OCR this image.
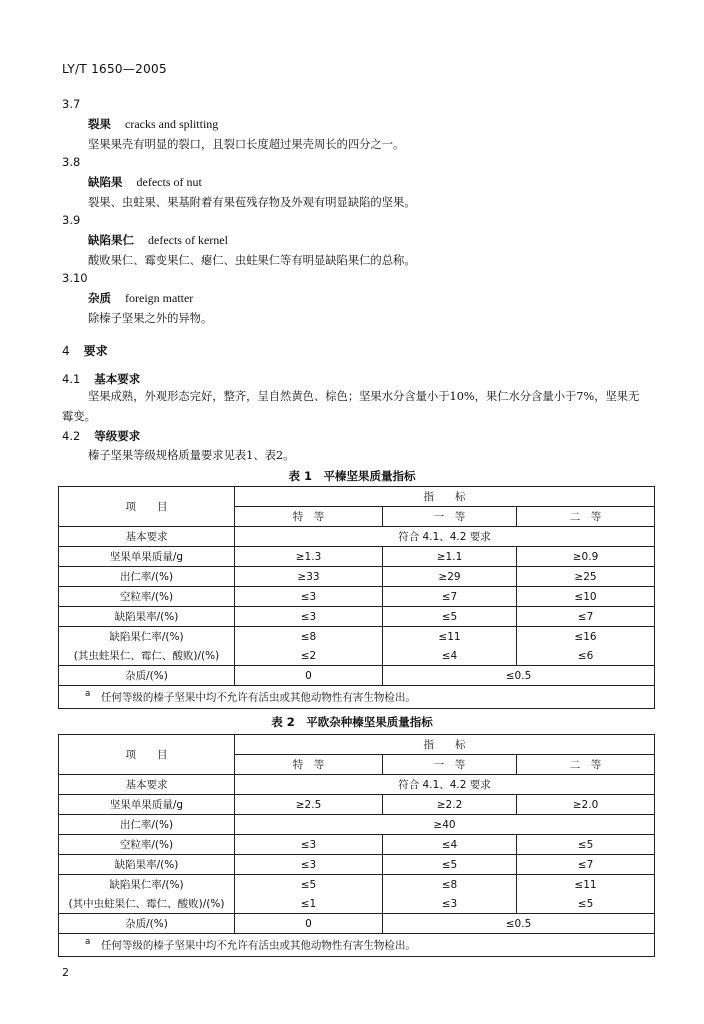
LY/T 1650—2005
3.7
裂果 cracks and splitting
坚果果壳有明显的裂口，且裂口长度超过果壳周长的四分之一。
3.8
缺陷果 defects of nut
裂果、虫蛀果、果基附着有果苞残存物及外观有明显缺陷的坚果。
3.9
缺陷果仁 defects of kernel
酸败果仁、霉变果仁、瘪仁、虫蛀果仁等有明显缺陷果仁的总称。
3.10
杂质 foreign matter
除榛子坚果之外的异物。
4 要求
4.1 基本要求
坚果成熟，外观形态完好，整齐，呈自然黄色、棕色；坚果水分含量小于10%，果仁水分含量小于7%，坚果无霉变。
4.2 等级要求
榛子坚果等级规格质量要求见表1、表2。
表 1　平榛坚果质量指标
项　　目	指　　标		
	特　等	一　等	二　等
基本要求	符合 4.1、4.2 要求		
坚果单果质量/g	≥1.3	≥1.1	≥0.9
出仁率/(%)	≥33	≥29	≥25
空粒率/(%)	≤3	≤7	≤10
缺陷果率/(%)	≤3	≤5	≤7
缺陷果仁率/(%)	≤8	≤11	≤16
(其虫蛀果仁、霉仁、酸败)/(%)	≤2	≤4	≤6
杂质/(%)	0	≤0.5	
$^a$　 任何等级的榛子坚果中均不允许有活虫或其他动物性有害生物检出。			
表 2　平欧杂种榛坚果质量指标
项　　目	指　　标		
	特　等	一　等	二　等
基本要求	符合 4.1、4.2 要求		
坚果单果质量/g	≥2.5	≥2.2	≥2.0
出仁率/(%)	≥40		
空粒率/(%)	≤3	≤4	≤5
缺陷果率/(%)	≤3	≤5	≤7
缺陷果仁率/(%)	≤5	≤8	≤11
(其中虫蛀果仁、霉仁、酸败)/(%)	≤1	≤3	≤5
杂质/(%)	0	≤0.5	
$^a$　 任何等级的榛子坚果中均不允许有活虫或其他动物性有害生物检出。			
2
